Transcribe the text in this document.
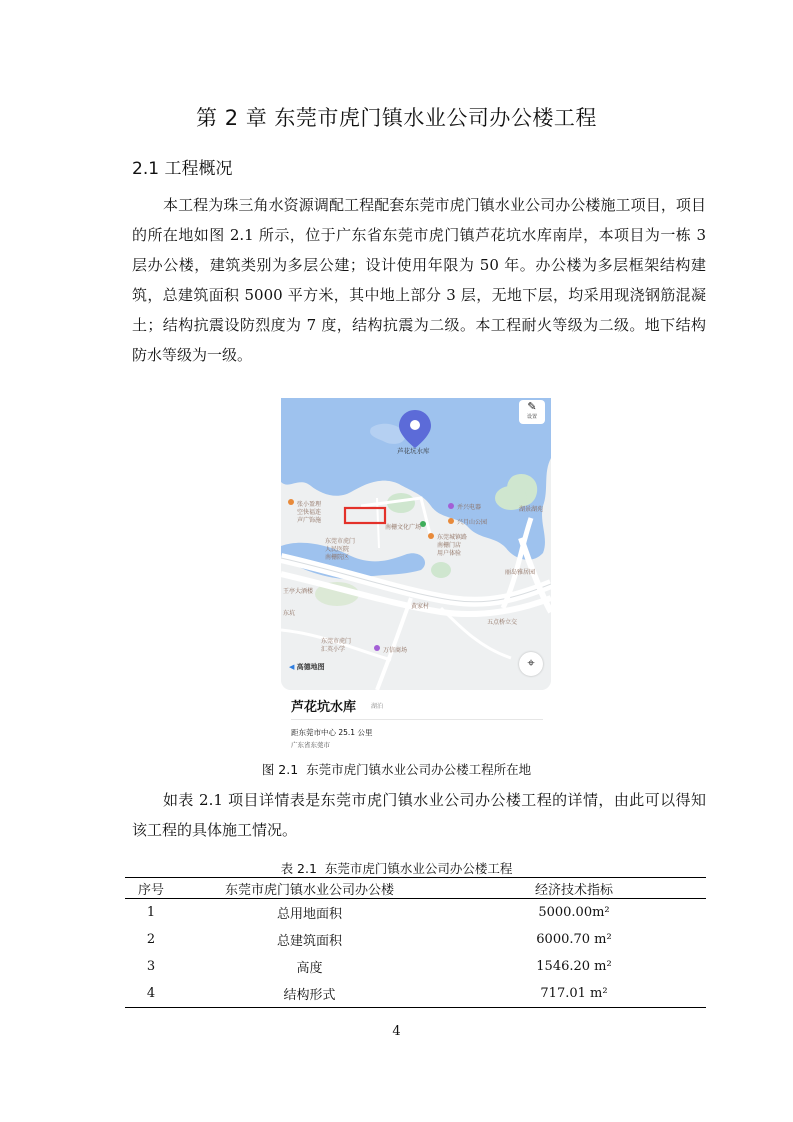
第 2 章 东莞市虎门镇水业公司办公楼工程
2.1 工程概况

本工程为珠三角水资源调配工程配套东莞市虎门镇水业公司办公楼施工项目，项目的所在地如图 2.1 所示，位于广东省东莞市虎门镇芦花坑水库南岸，本项目为一栋 3 层办公楼，建筑类别为多层公建；设计使用年限为 50 年。办公楼为多层框架结构建筑，总建筑面积 5000 平方米，其中地上部分 3 层，无地下层，均采用现浇钢筋混凝土；结构抗震设防烈度为 7 度，结构抗震为二级。本工程耐火等级为二级。地下结构防水等级为一级。

芦花坑水库
张小盈理
空快福连
声广饰施
南栅文化广场
并兴电器
兴月山公园
湖景湖苑
东莞市虎门
人民医院
南栅院区
东莞城镇路
南栅门店
用户体验
丽岛雅居园
王亭大酒楼
东坑
东莞市虎门
汇英小学	万信商场
黄家村
五点桥立交
✎
设置
◀ 高德地图	⌖
芦花坑水库 湖泊
距东莞市中心 25.1 公里
广东省东莞市
图 2.1 东莞市虎门镇水业公司办公楼工程所在地

如表 2.1 项目详情表是东莞市虎门镇水业公司办公楼工程的详情，由此可以得知该工程的具体施工情况。

表 2.1 东莞市虎门镇水业公司办公楼工程
序号	东莞市虎门镇水业公司办公楼	经济技术指标
1	总用地面积	5000.00m²
2	总建筑面积	6000.70 m²
3	高度	1546.20 m²
4	结构形式	717.01 m²
4
